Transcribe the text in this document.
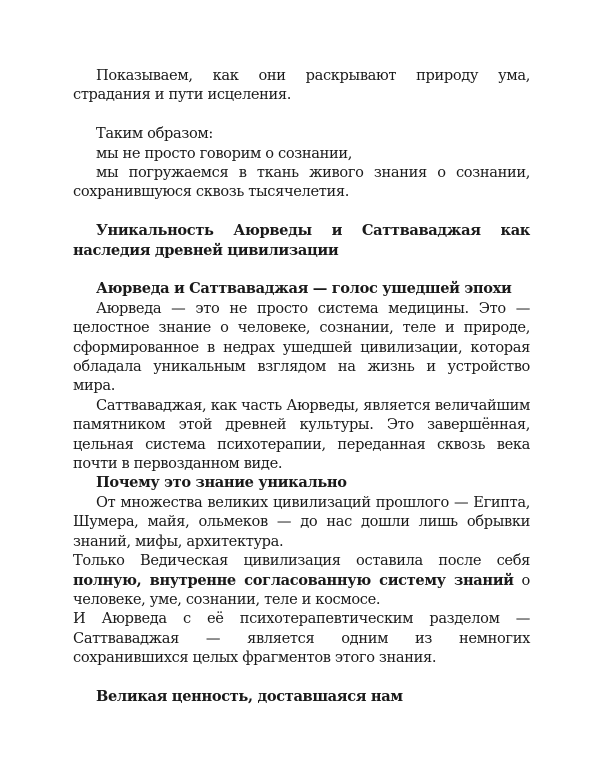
Показываем, как они раскрывают природу ума, страдания и пути исцеления.

Таким образом:

мы не просто говорим о сознании,

мы погружаемся в ткань живого знания о сознании, сохранившуюся сквозь тысячелетия.

Уникальность Аюрведы и Саттваваджая как наследия древней цивилизации

Аюрведа и Саттваваджая — голос ушедшей эпохи

Аюрведа — это не просто система медицины. Это — целостное знание о человеке, сознании, теле и природе, сформированное в недрах ушедшей цивилизации, которая обладала уникальным взглядом на жизнь и устройство мира.

Саттваваджая, как часть Аюрведы, является величайшим памятником этой древней культуры. Это завершённая, цельная система психотерапии, переданная сквозь века почти в первозданном виде.

Почему это знание уникально

От множества великих цивилизаций прошлого — Египта, Шумера, майя, ольмеков — до нас дошли лишь обрывки знаний, мифы, архитектура.

Только Ведическая цивилизация оставила после себя полную, внутренне согласованную систему знаний о человеке, уме, сознании, теле и космосе.

И Аюрведа с её психотерапевтическим разделом — Саттваваджая — является одним из немногих сохранившихся целых фрагментов этого знания.

Великая ценность, доставшаяся нам
